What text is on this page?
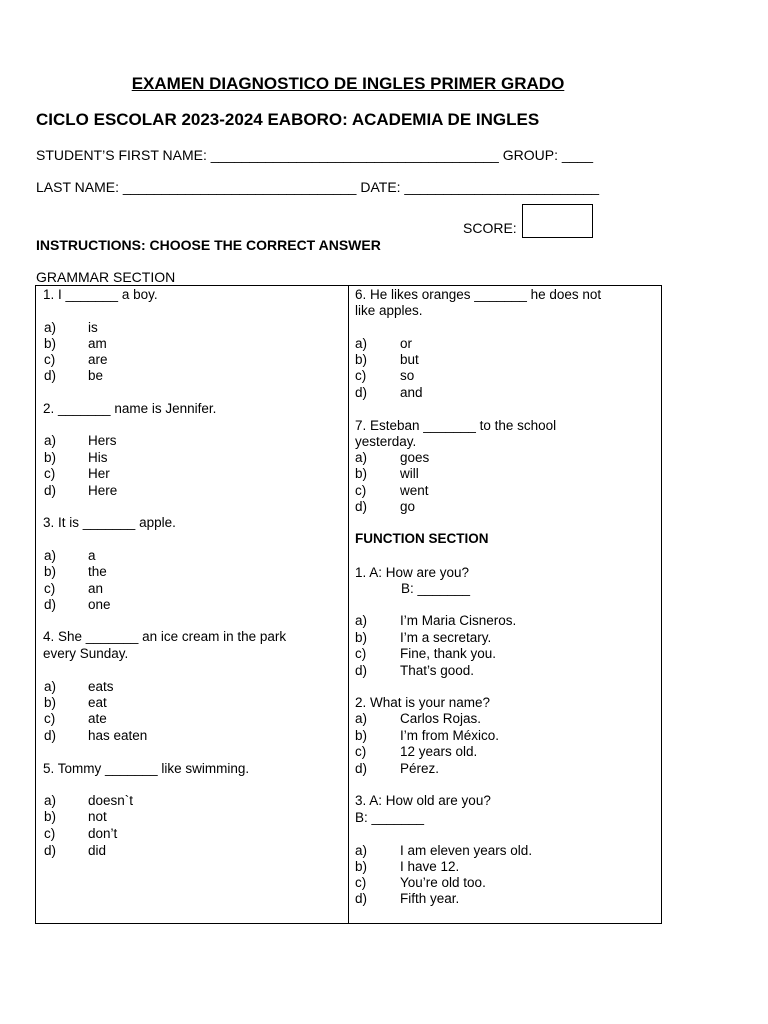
EXAMEN DIAGNOSTICO DE INGLES PRIMER GRADO
CICLO ESCOLAR 2023-2024 EABORO: ACADEMIA DE INGLES
STUDENT’S FIRST NAME: _____________________________________ GROUP: ____
LAST NAME: ______________________________ DATE: _________________________
SCORE:
INSTRUCTIONS: CHOOSE THE CORRECT ANSWER
GRAMMAR SECTION
1. I _______ a boy.
a) is
b) am
c) are
d) be
2. _______ name is Jennifer.
a) Hers
b) His
c) Her
d) Here
3. It is _______ apple.
a) a
b) the
c) an
d) one
4. She _______ an ice cream in the park
every Sunday.
a) eats
b) eat
c) ate
d) has eaten
5. Tommy _______ like swimming.
a) doesn`t
b) not
c) don’t
d) did
6. He likes oranges _______ he does not
like apples.
a) or
b) but
c)	so
d) and
7. Esteban _______ to the school
yesterday.
a) goes
b) will
c)	went
d) go
FUNCTION SECTION
1. A: How are you?
B: _______
a) I’m Maria Cisneros.
b) I’m a secretary.
c)	Fine, thank you.
d) That’s good.
2. What is your name?
a) Carlos Rojas.
b) I’m from México.
c)	12 years old.
d) Pérez.
3. A: How old are you?
B: _______
a) I am eleven years old.
b) I have 12.
c)	You’re old too.
d) Fifth year.
